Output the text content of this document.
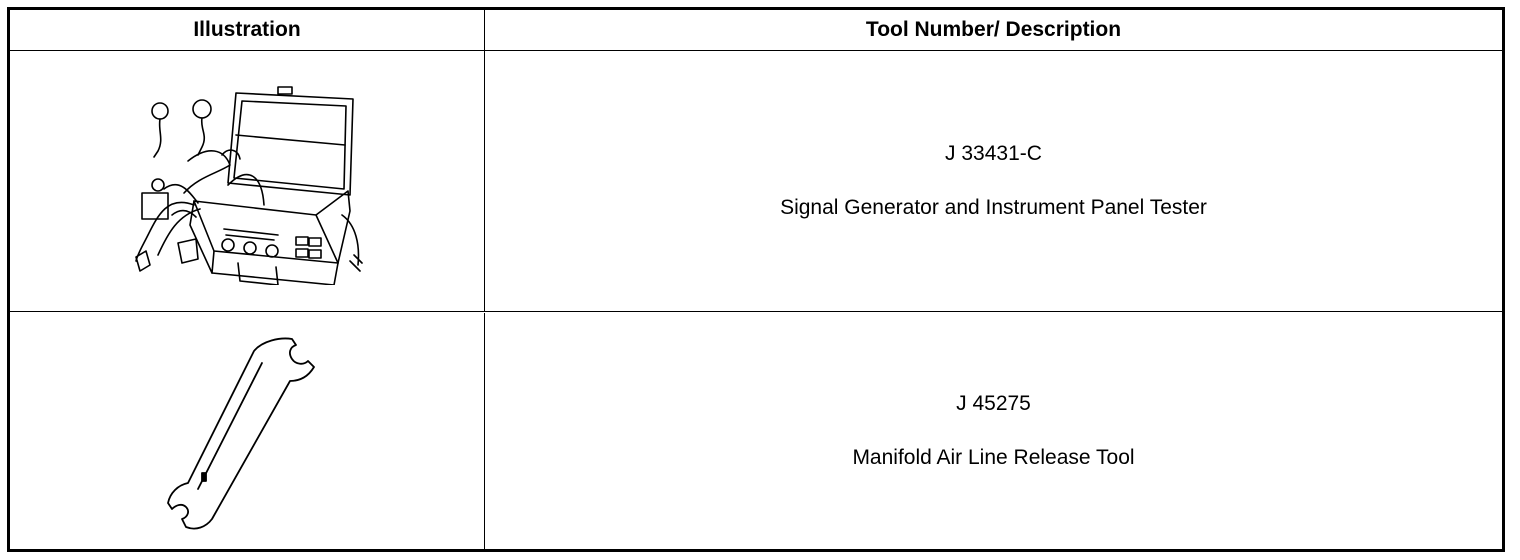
Illustration	Tool Number/ Description
J 33431-C
Signal Generator and Instrument Panel Tester
J 45275
Manifold Air Line Release Tool
